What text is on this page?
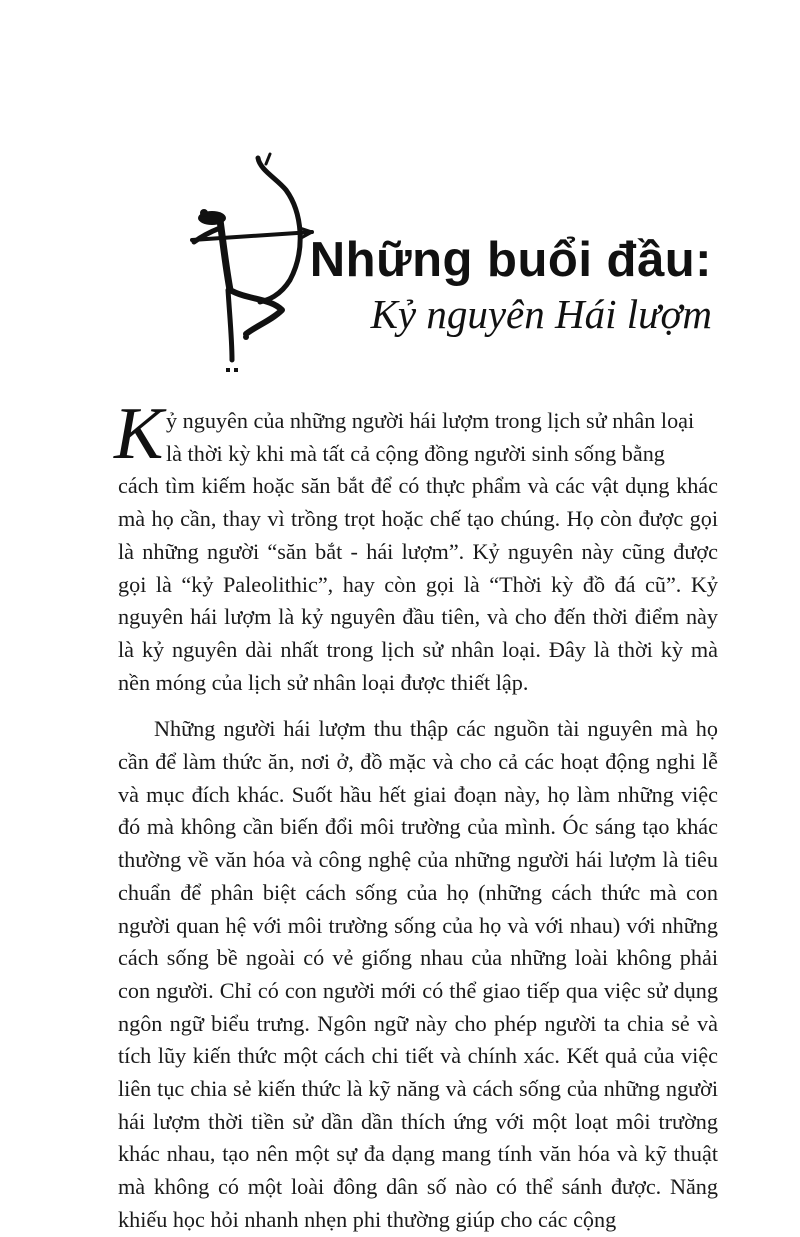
Những buổi đầu:
Kỷ nguyên Hái lượm

K ỷ nguyên của những người hái lượm trong lịch sử nhân loại
là thời kỳ khi mà tất cả cộng đồng người sinh sống bằng
cách tìm kiếm hoặc săn bắt để có thực phẩm và các vật dụng khác mà họ cần, thay vì trồng trọt hoặc chế tạo chúng. Họ còn được gọi là những người “săn bắt - hái lượm”. Kỷ nguyên này cũng được gọi là “kỷ Paleolithic”, hay còn gọi là “Thời kỳ đồ đá cũ”. Kỷ nguyên hái lượm là kỷ nguyên đầu tiên, và cho đến thời điểm này là kỷ nguyên dài nhất trong lịch sử nhân loại. Đây là thời kỳ mà nền móng của lịch sử nhân loại được thiết lập.

Những người hái lượm thu thập các nguồn tài nguyên mà họ cần để làm thức ăn, nơi ở, đồ mặc và cho cả các hoạt động nghi lễ và mục đích khác. Suốt hầu hết giai đoạn này, họ làm những việc đó mà không cần biến đổi môi trường của mình. Óc sáng tạo khác thường về văn hóa và công nghệ của những người hái lượm là tiêu chuẩn để phân biệt cách sống của họ (những cách thức mà con người quan hệ với môi trường sống của họ và với nhau) với những cách sống bề ngoài có vẻ giống nhau của những loài không phải con người. Chỉ có con người mới có thể giao tiếp qua việc sử dụng ngôn ngữ biểu trưng. Ngôn ngữ này cho phép người ta chia sẻ và tích lũy kiến thức một cách chi tiết và chính xác. Kết quả của việc liên tục chia sẻ kiến thức là kỹ năng và cách sống của những người hái lượm thời tiền sử dần dần thích ứng với một loạt môi trường khác nhau, tạo nên một sự đa dạng mang tính văn hóa và kỹ thuật mà không có một loài đông dân số nào có thể sánh được. Năng khiếu học hỏi nhanh nhẹn phi thường giúp cho các cộng
